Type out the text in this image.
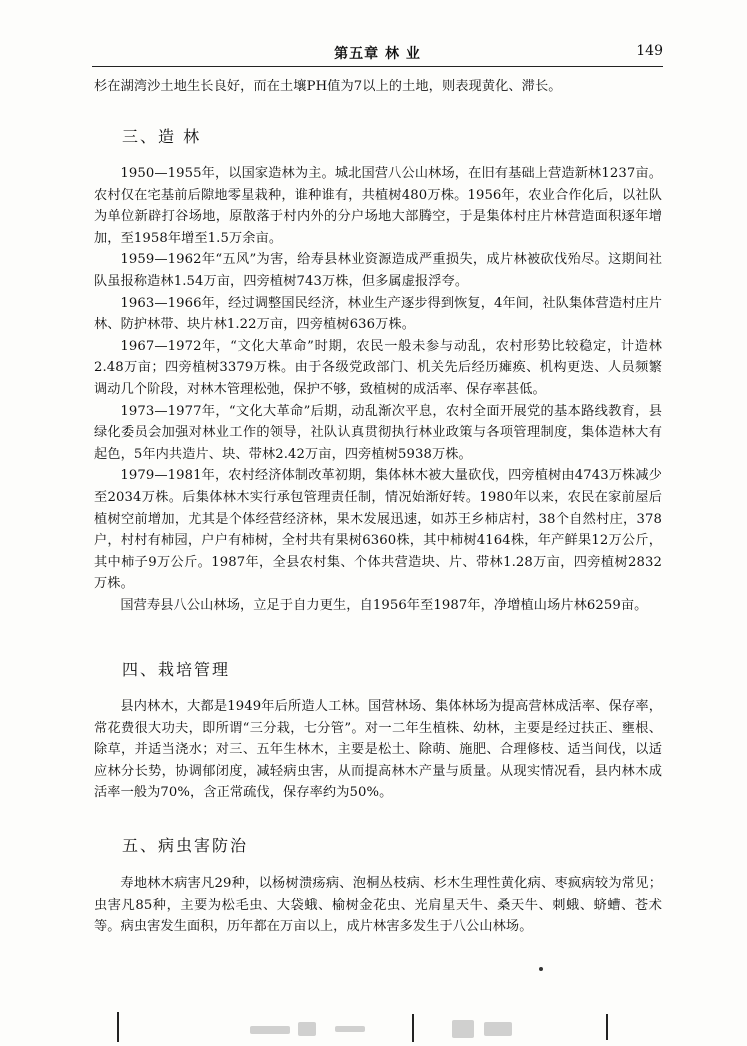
第五章 林 业	149

杉在湖湾沙土地生长良好，而在土壤PH值为7以上的土地，则表现黄化、滞长。

三、造 林

1950—1955年，以国家造林为主。城北国营八公山林场，在旧有基础上营造新林1237亩。农村仅在宅基前后隙地零星栽种，谁种谁有，共植树480万株。1956年，农业合作化后，以社队为单位新辟打谷场地，原散落于村内外的分户场地大部腾空，于是集体村庄片林营造面积逐年增加，至1958年增至1.5万余亩。

1959—1962年“五风”为害，给寿县林业资源造成严重损失，成片林被砍伐殆尽。这期间社队虽报称造林1.54万亩，四旁植树743万株，但多属虚报浮夸。

1963—1966年，经过调整国民经济，林业生产逐步得到恢复，4年间，社队集体营造村庄片林、防护林带、块片林1.22万亩，四旁植树636万株。

1967—1972年，“文化大革命”时期，农民一般未参与动乱，农村形势比较稳定，计造林2.48万亩；四旁植树3379万株。由于各级党政部门、机关先后经历瘫痪、机构更迭、人员频繁调动几个阶段，对林木管理松弛，保护不够，致植树的成活率、保存率甚低。

1973—1977年，“文化大革命”后期，动乱渐次平息，农村全面开展党的基本路线教育，县绿化委员会加强对林业工作的领导，社队认真贯彻执行林业政策与各项管理制度，集体造林大有起色，5年内共造片、块、带林2.42万亩，四旁植树5938万株。

1979—1981年，农村经济体制改革初期，集体林木被大量砍伐，四旁植树由4743万株减少至2034万株。后集体林木实行承包管理责任制，情况始渐好转。1980年以来，农民在家前屋后植树空前增加，尤其是个体经营经济林，果木发展迅速，如苏王乡柿店村，38个自然村庄，378户，村村有柿园，户户有柿树，全村共有果树6360株，其中柿树4164株，年产鲜果12万公斤，其中柿子9万公斤。1987年，全县农村集、个体共营造块、片、带林1.28万亩，四旁植树2832万株。

国营寿县八公山林场，立足于自力更生，自1956年至1987年，净增植山场片林6259亩。

四、栽培管理

县内林木，大都是1949年后所造人工林。国营林场、集体林场为提高营林成活率、保存率，常花费很大功夫，即所谓“三分栽，七分管”。对一二年生植株、幼林，主要是经过扶正、壅根、除草，并适当浇水；对三、五年生林木，主要是松土、除萌、施肥、合理修枝、适当间伐，以适应林分长势，协调郁闭度，减轻病虫害，从而提高林木产量与质量。从现实情况看，县内林木成活率一般为70%，含正常疏伐，保存率约为50%。

五、病虫害防治

寿地林木病害凡29种，以杨树溃疡病、泡桐丛枝病、杉木生理性黄化病、枣疯病较为常见；虫害凡85种，主要为松毛虫、大袋蛾、榆树金花虫、光肩星天牛、桑天牛、刺蛾、蛴螬、苍术等。病虫害发生面积，历年都在万亩以上，成片林害多发生于八公山林场。
